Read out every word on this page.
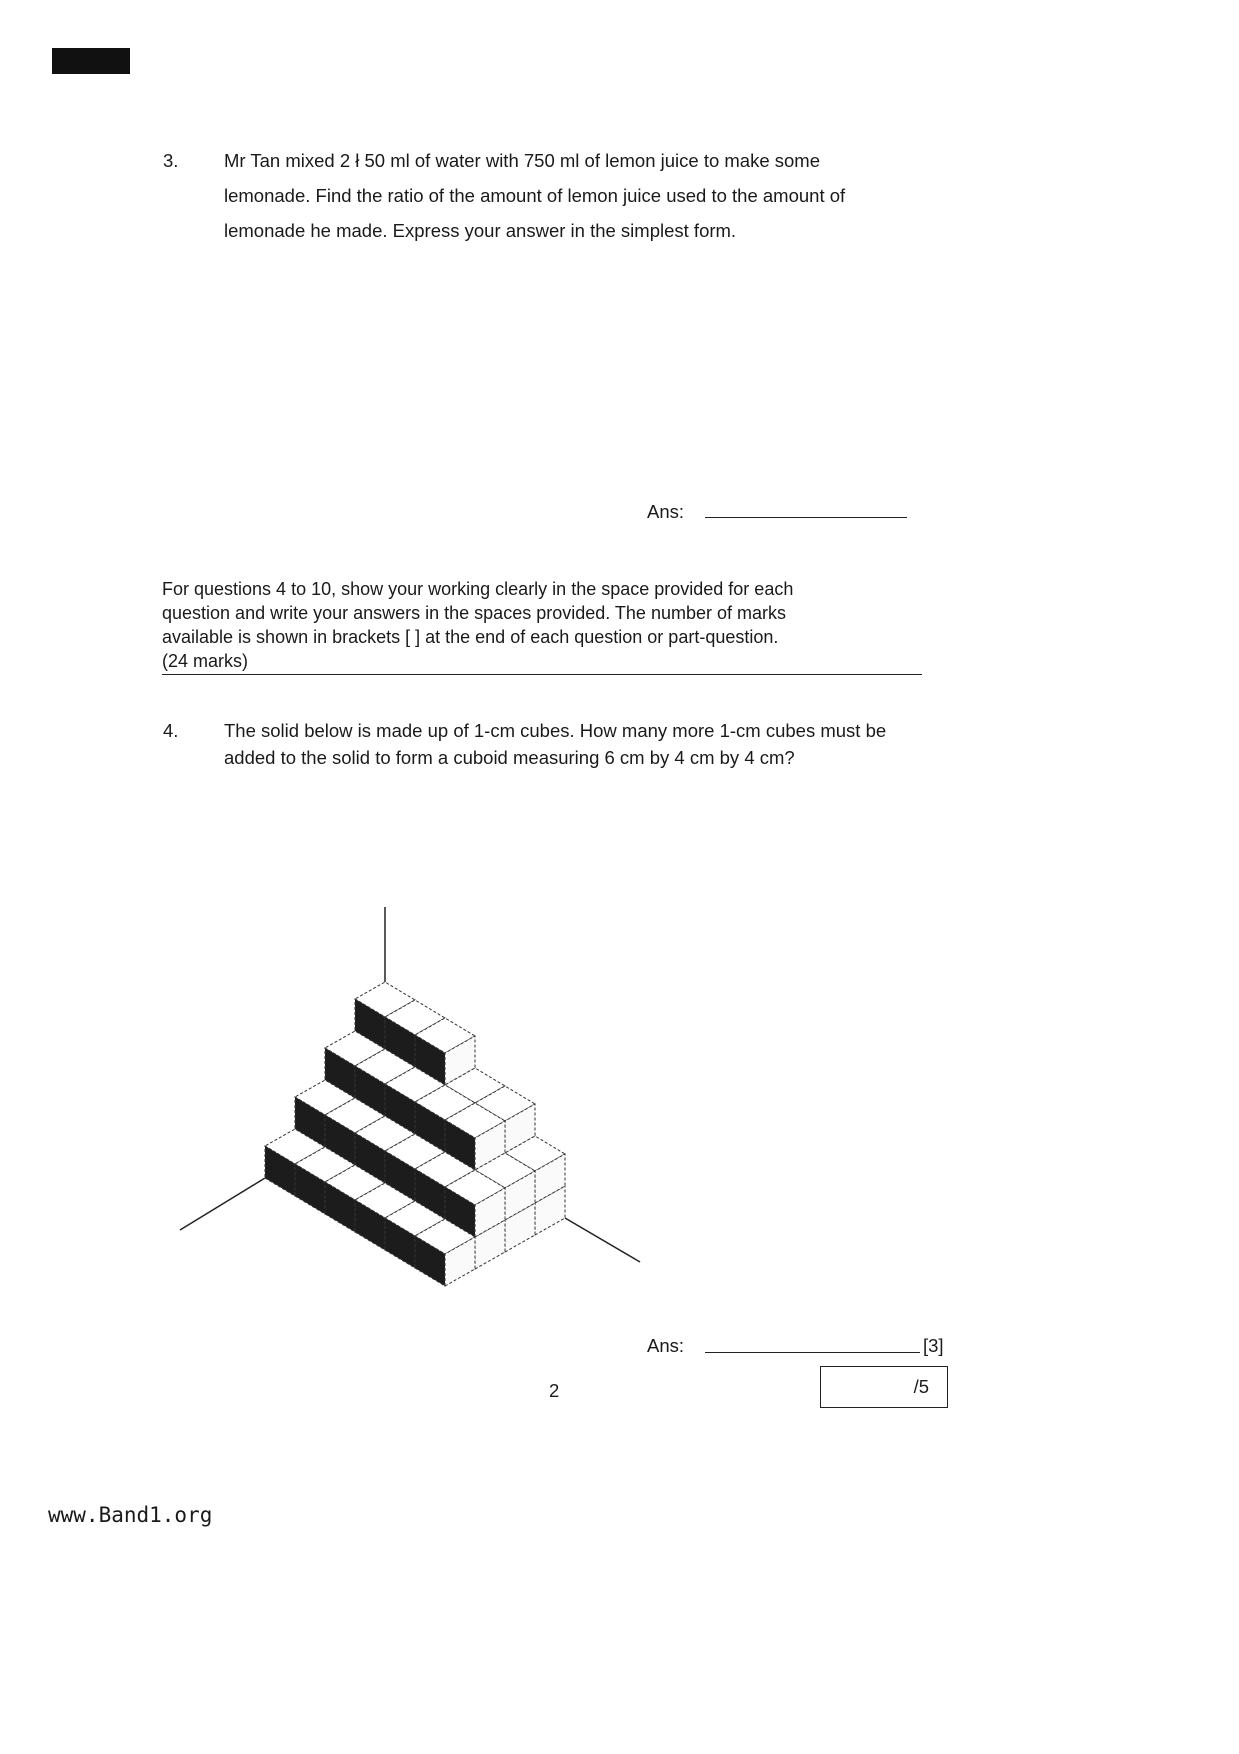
3. Mr Tan mixed 2 ł 50 ml of water with 750 ml of lemon juice to make some
lemonade. Find the ratio of the amount of lemon juice used to the amount of
lemonade he made. Express your answer in the simplest form.
Ans:
For questions 4 to 10, show your working clearly in the space provided for each
question and write your answers in the spaces provided. The number of marks
available is shown in brackets [ ] at the end of each question or part-question.
(24 marks)
4. The solid below is made up of 1-cm cubes. How many more 1-cm cubes must be
added to the solid to form a cuboid measuring 6 cm by 4 cm by 4 cm?
Ans:	[3]
2	/5
www.Band1.org
